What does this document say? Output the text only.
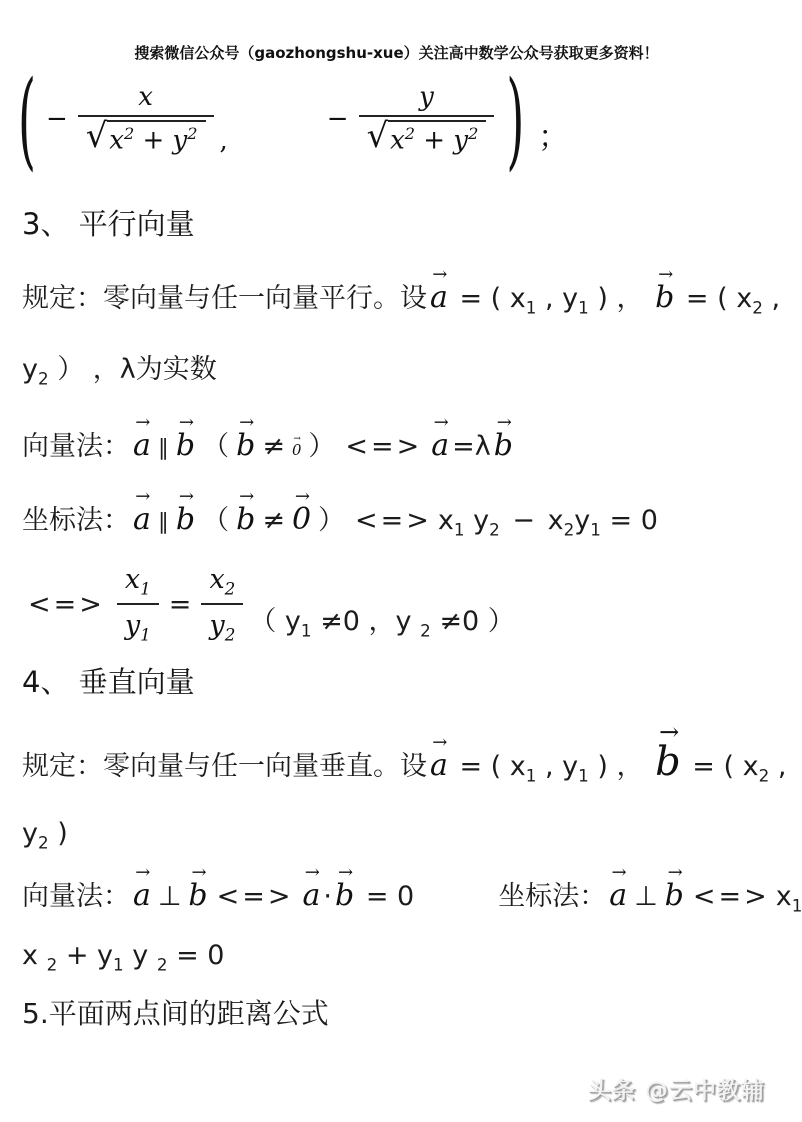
搜索微信公众号（gaozhongshu-xue）关注高中数学公众号获取更多资料！
( − $\frac{x}{√ x^2 + y^2}$ ,
− $\frac{y}{√ x^2 + y^2}$ ) ；
3、 平行向量
规定：零向量与任一向量平行。设
→
a = ( $x_1$ , $y_1$ ) ，
→
b = ( $x_2$ ,
$y_2$ ） ，λ为实数
向量法：
→
a ∥
→
b （
→
b ≠ →
0 ） <=>
→
a =λ
→
b
坐标法：
→
a ∥
→
b （
→
b ≠
→
0 ） <=> $x_1$ $y_2 - x_2y_1 = 0$
<=> $\frac{x_1}{y_1} = \frac{x_2}{y_2}$ （ $y_1 \ne 0$ ，y $_2$ ≠0 ）
4、 垂直向量
规定：零向量与任一向量垂直。设
→
a = ( $x_1$ , $y_1$ ) ，
→
b = ( $x_2$ ,
$y_2$ )
向量法：
→
a ⊥
→
b <=>
→
a ·
→
b = 0	坐标法：
→
a ⊥
→
b <=> $x_1$
x $_2 + y_1$ y $_2$ = 0
5.平面两点间的距离公式
头条 @云中教辅
